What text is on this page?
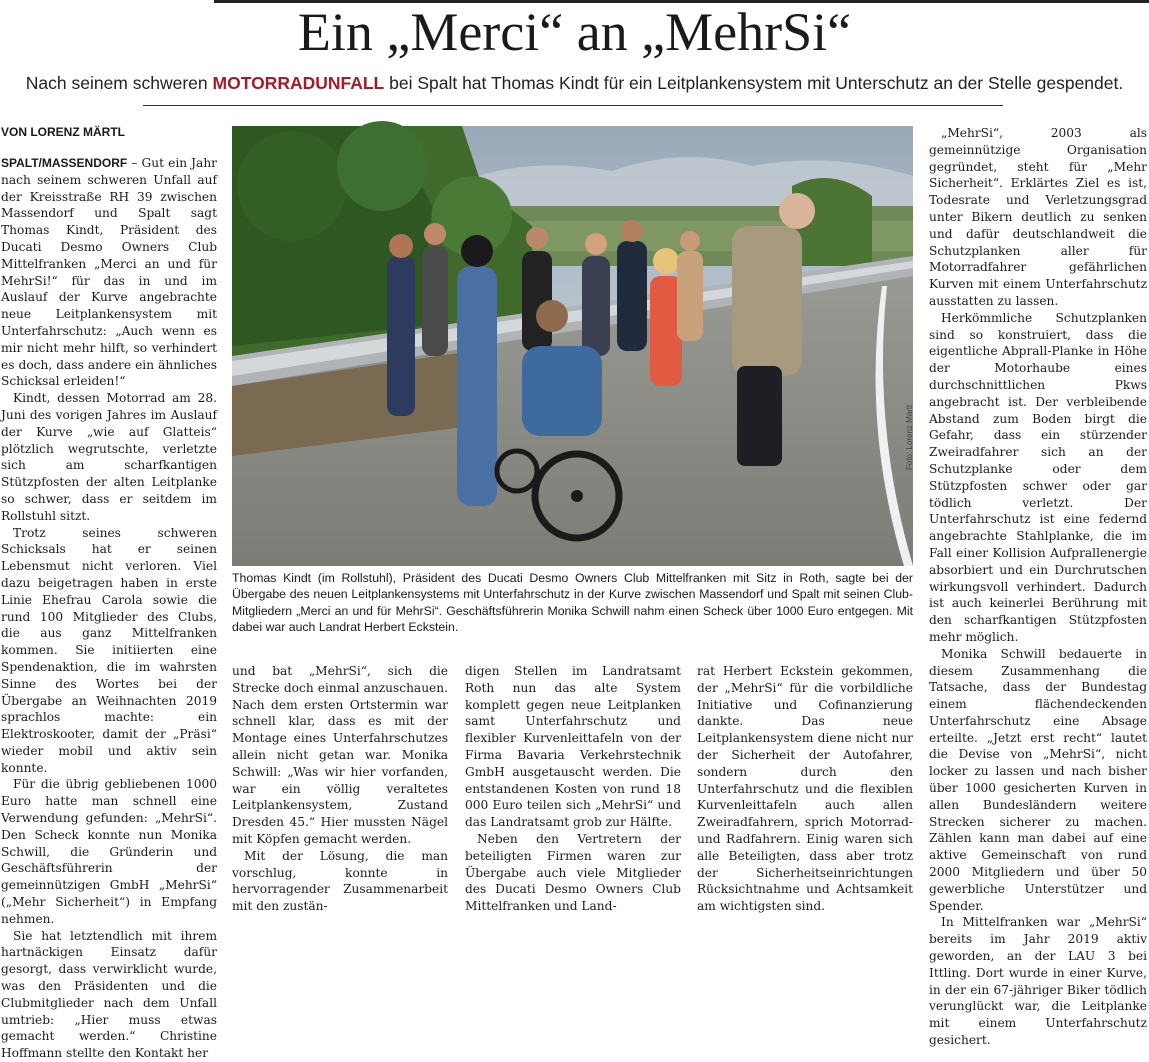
Ein „Merci“ an „MehrSi“
Nach seinem schweren MOTORRADUNFALL bei Spalt hat Thomas Kindt für ein Leitplankensystem mit Unterschutz an der Stelle gespendet.
VON LORENZ MÄRTL

SPALT/MASSENDORF – Gut ein Jahr nach seinem schweren Unfall auf der Kreisstraße RH 39 zwischen Massendorf und Spalt sagt Thomas Kindt, Präsident des Ducati Desmo Owners Club Mittelfranken „Merci an und für MehrSi!“ für das in und im Auslauf der Kurve angebrachte neue Leitplankensystem mit Unterfahrschutz: „Auch wenn es mir nicht mehr hilft, so verhindert es doch, dass andere ein ähnliches Schicksal erleiden!“

Kindt, dessen Motorrad am 28. Juni des vorigen Jahres im Auslauf der Kurve „wie auf Glatteis“ plötzlich wegrutschte, verletzte sich am scharfkantigen Stützpfosten der alten Leitplanke so schwer, dass er seitdem im Rollstuhl sitzt.

Trotz seines schweren Schicksals hat er seinen Lebensmut nicht verloren. Viel dazu beigetragen haben in erste Linie Ehefrau Carola sowie die rund 100 Mitglieder des Clubs, die aus ganz Mittelfranken kommen. Sie initiierten eine Spendenaktion, die im wahrsten Sinne des Wortes bei der Übergabe an Weihnachten 2019 sprachlos machte: ein Elektroskooter, damit der „Präsi“ wieder mobil und aktiv sein konnte.

Für die übrig gebliebenen 1000 Euro hatte man schnell eine Verwendung gefunden: „MehrSi“. Den Scheck konnte nun Monika Schwill, die Gründerin und Geschäftsführerin der gemeinnützigen GmbH „MehrSi“ („Mehr Sicherheit“) in Empfang nehmen.

Sie hat letztendlich mit ihrem hartnäckigen Einsatz dafür gesorgt, dass verwirklicht wurde, was den Präsidenten und die Clubmitglieder nach dem Unfall umtrieb: „Hier muss etwas gemacht werden.“ Christine Hoffmann stellte den Kontakt her

Foto: Lorenz Märtl
Thomas Kindt (im Rollstuhl), Präsident des Ducati Desmo Owners Club Mittelfranken mit Sitz in Roth, sagte bei der Übergabe des neuen Leitplankensystems mit Unterfahrschutz in der Kurve zwischen Massendorf und Spalt mit seinen Club-Mitgliedern „Merci an und für MehrSi“. Geschäftsführerin Monika Schwill nahm einen Scheck über 1000 Euro entgegen. Mit dabei war auch Landrat Herbert Eckstein.

und bat „MehrSi“, sich die Strecke doch einmal anzuschauen. Nach dem ersten Ortstermin war schnell klar, dass es mit der Montage eines Unterfahrschutzes allein nicht getan war. Monika Schwill: „Was wir hier vorfanden, war ein völlig veraltetes Leitplankensystem, Zustand Dresden 45.“ Hier mussten Nägel mit Köpfen gemacht werden.

Mit der Lösung, die man vorschlug, konnte in hervorragender Zusammenarbeit mit den zustän-

digen Stellen im Landratsamt Roth nun das alte System komplett gegen neue Leitplanken samt Unterfahrschutz und flexibler Kurvenleittafeln von der Firma Bavaria Verkehrstechnik GmbH ausgetauscht werden. Die entstandenen Kosten von rund 18 000 Euro teilen sich „MehrSi“ und das Landratsamt grob zur Hälfte.

Neben den Vertretern der beteiligten Firmen waren zur Übergabe auch viele Mitglieder des Ducati Desmo Owners Club Mittelfranken und Land-

rat Herbert Eckstein gekommen, der „MehrSi“ für die vorbildliche Initiative und Cofinanzierung dankte. Das neue Leitplankensystem diene nicht nur der Sicherheit der Autofahrer, sondern durch den Unterfahrschutz und die flexiblen Kurvenleittafeln auch allen Zweiradfahrern, sprich Motorrad- und Radfahrern. Einig waren sich alle Beteiligten, dass aber trotz der Sicherheitseinrichtungen Rücksichtnahme und Achtsamkeit am wichtigsten sind.

„MehrSi“, 2003 als gemeinnützige Organisation gegründet, steht für „Mehr Sicherheit“. Erklärtes Ziel es ist, Todesrate und Verletzungsgrad unter Bikern deutlich zu senken und dafür deutschlandweit die Schutzplanken aller für Motorradfahrer gefährlichen Kurven mit einem Unterfahrschutz ausstatten zu lassen.

Herkömmliche Schutzplanken sind so konstruiert, dass die eigentliche Abprall-Planke in Höhe der Motorhaube eines durchschnittlichen Pkws angebracht ist. Der verbleibende Abstand zum Boden birgt die Gefahr, dass ein stürzender Zweiradfahrer sich an der Schutzplanke oder dem Stützpfosten schwer oder gar tödlich verletzt. Der Unterfahrschutz ist eine federnd angebrachte Stahlplanke, die im Fall einer Kollision Aufprallenergie absorbiert und ein Durchrutschen wirkungsvoll verhindert. Dadurch ist auch keinerlei Berührung mit den scharfkantigen Stützpfosten mehr möglich.

Monika Schwill bedauerte in diesem Zusammenhang die Tatsache, dass der Bundestag einem flächendeckenden Unterfahrschutz eine Absage erteilte. „Jetzt erst recht“ lautet die Devise von „MehrSi“, nicht locker zu lassen und nach bisher über 1000 gesicherten Kurven in allen Bundesländern weitere Strecken sicherer zu machen. Zählen kann man dabei auf eine aktive Gemeinschaft von rund 2000 Mitgliedern und über 50 gewerbliche Unterstützer und Spender.

In Mittelfranken war „MehrSi“ bereits im Jahr 2019 aktiv geworden, an der LAU 3 bei Ittling. Dort wurde in einer Kurve, in der ein 67-jähriger Biker tödlich verunglückt war, die Leitplanke mit einem Unterfahrschutz gesichert.
